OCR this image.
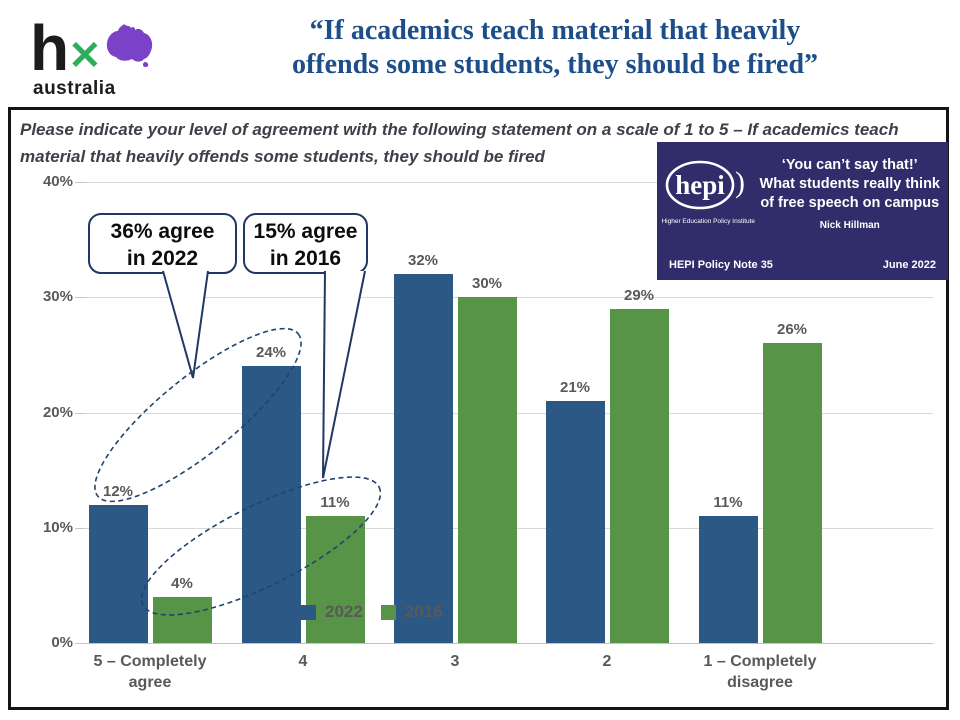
h ✕
australia
“If academics teach material that heavily
offends some students, they should be fired”
Please indicate your level of agreement with the following statement on a scale of 1 to 5 – If academics teach
material that heavily offends some students, they should be fired
hepi )
Higher Education Policy Institute
‘You can’t say that!’
What students really think
of free speech on campus
Nick Hillman
HEPI Policy Note 35	June 2022
0%
10%
20%
30%
40%
12%
4%
5 – Completely agree
24%
11%
4
32%
30%
3
21%
29%
2
11%
26%
1 – Completely disagree
2022 2016
36% agree
in 2022
15% agree
in 2016
